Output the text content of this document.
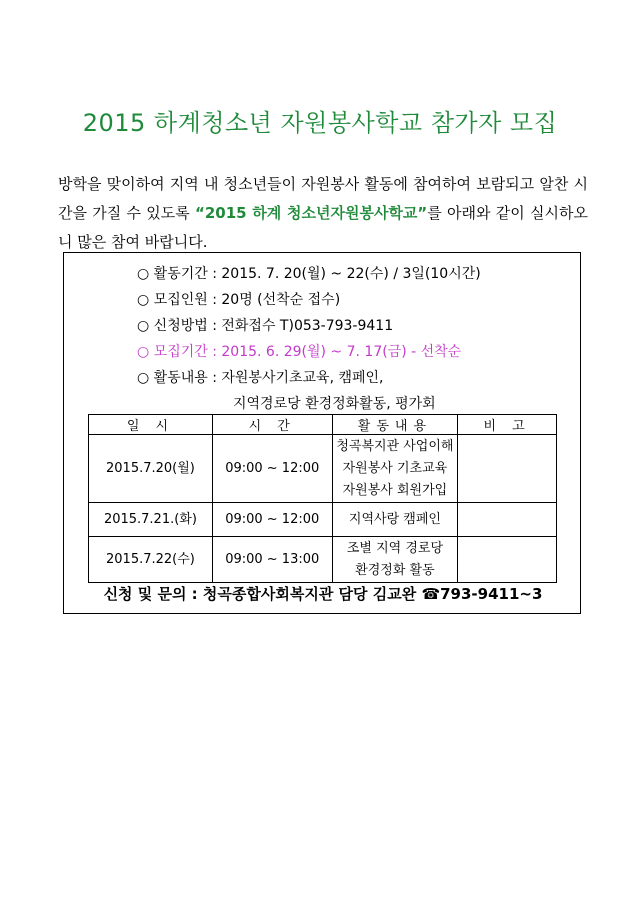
2015 하계청소년 자원봉사학교 참가자 모집
방학을 맞이하여 지역 내 청소년들이 자원봉사 활동에 참여하여 보람되고 알찬 시간을 가질 수 있도록 “2015 하계 청소년자원봉사학교”를 아래와 같이 실시하오니 많은 참여 바랍니다.
○ 활동기간 : 2015. 7. 20(월) ~ 22(수) / 3일(10시간)
○ 모집인원 : 20명 (선착순 접수)
○ 신청방법 : 전화접수 T)053-793-9411
○ 모집기간 : 2015. 6. 29(월) ~ 7. 17(금) - 선착순
○ 활동내용 : 자원봉사기초교육, 캠페인,
지역경로당 환경정화활동, 평가회
일 시	시 간	활동내용	비 고
2015.7.20(월)	09:00 ~ 12:00	청곡복지관 사업이해
자원봉사 기초교육
자원봉사 회원가입	

2015.7.21.(화)	09:00 ~ 12:00	지역사랑 캠페인	

2015.7.22(수)	09:00 ~ 13:00	조별 지역 경로당
환경정화 활동	

신청 및 문의 : 청곡종합사회복지관 담당 김교완 ☎793-9411~3
